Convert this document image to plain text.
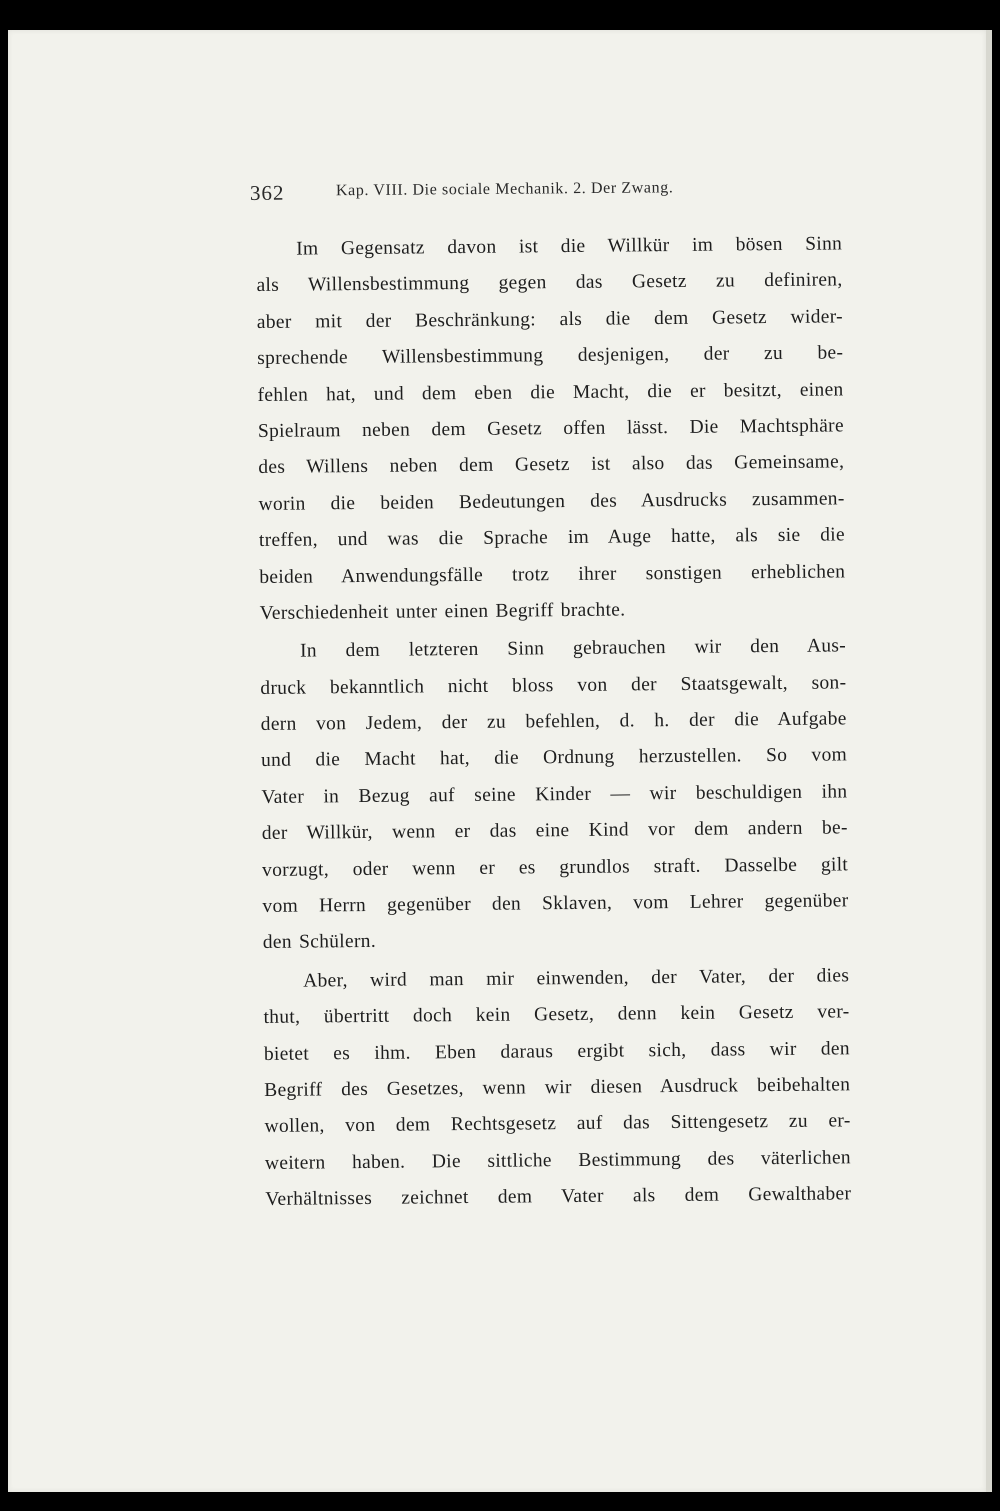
362	Kap. VIII. Die sociale Mechanik. 2. Der Zwang.
Im Gegensatz davon ist die Willkür im bösen Sinn
als Willensbestimmung gegen das Gesetz zu definiren,
aber mit der Beschränkung: als die dem Gesetz wider-
sprechende Willensbestimmung desjenigen, der zu be-
fehlen hat, und dem eben die Macht, die er besitzt, einen
Spielraum neben dem Gesetz offen lässt. Die Machtsphäre
des Willens neben dem Gesetz ist also das Gemeinsame,
worin die beiden Bedeutungen des Ausdrucks zusammen-
treffen, und was die Sprache im Auge hatte, als sie die
beiden Anwendungsfälle trotz ihrer sonstigen erheblichen
Verschiedenheit unter einen Begriff brachte.
In dem letzteren Sinn gebrauchen wir den Aus-
druck bekanntlich nicht bloss von der Staatsgewalt, son-
dern von Jedem, der zu befehlen, d. h. der die Aufgabe
und die Macht hat, die Ordnung herzustellen. So vom
Vater in Bezug auf seine Kinder — wir beschuldigen ihn
der Willkür, wenn er das eine Kind vor dem andern be-
vorzugt, oder wenn er es grundlos straft. Dasselbe gilt
vom Herrn gegenüber den Sklaven, vom Lehrer gegenüber
den Schülern.
Aber, wird man mir einwenden, der Vater, der dies
thut, übertritt doch kein Gesetz, denn kein Gesetz ver-
bietet es ihm. Eben daraus ergibt sich, dass wir den
Begriff des Gesetzes, wenn wir diesen Ausdruck beibehalten
wollen, von dem Rechtsgesetz auf das Sittengesetz zu er-
weitern haben. Die sittliche Bestimmung des väterlichen
Verhältnisses zeichnet dem Vater als dem Gewalthaber
